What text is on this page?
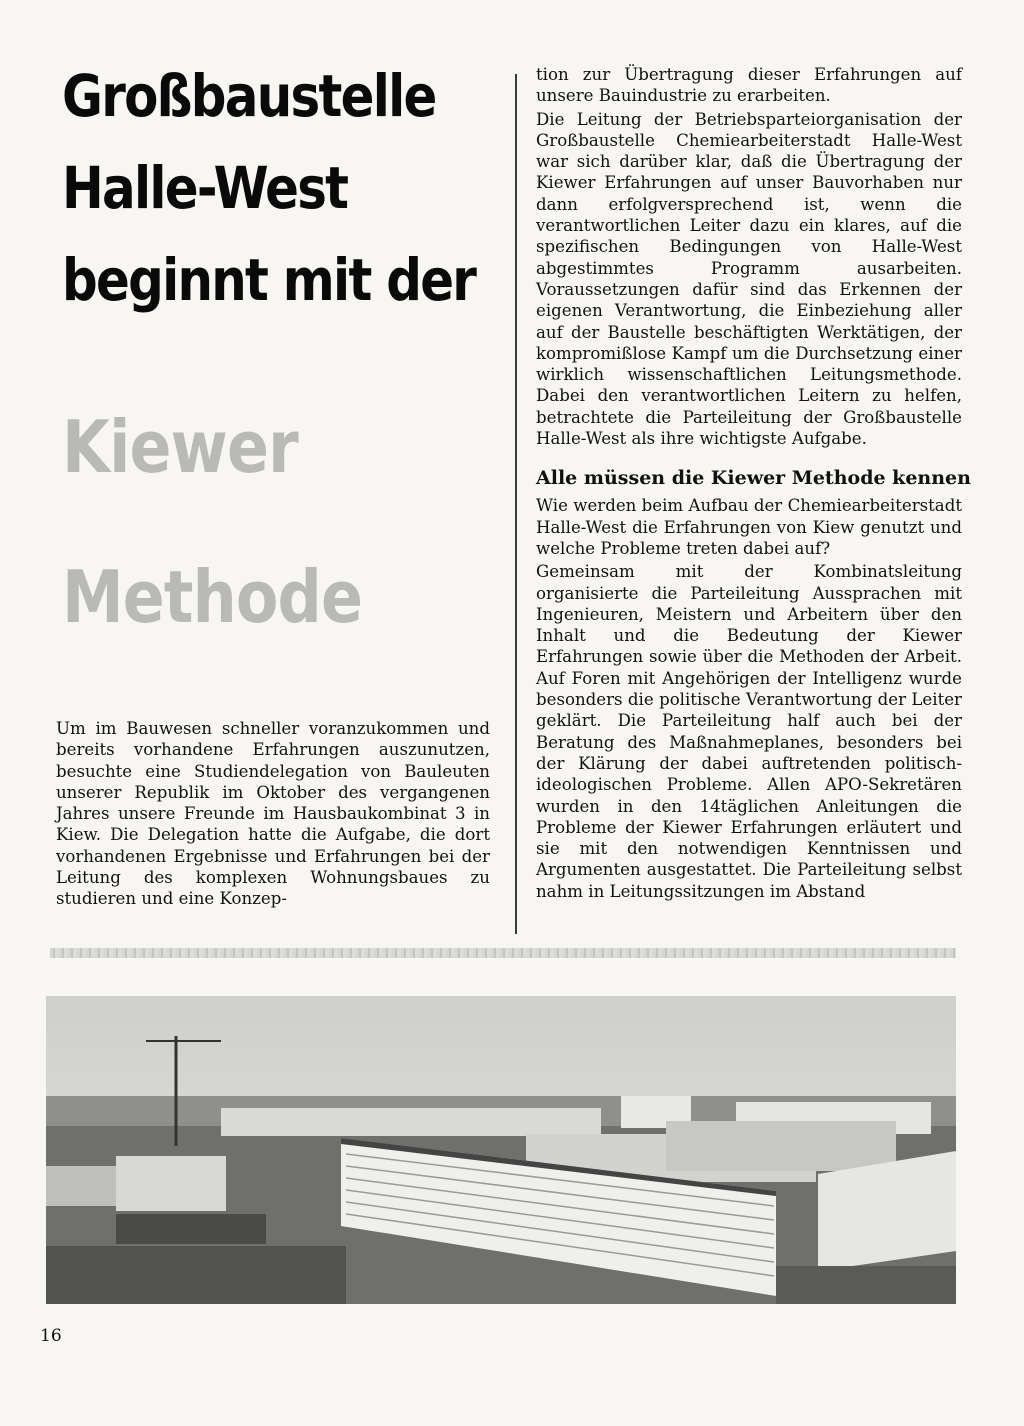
Großbaustelle
Halle-West
beginnt mit der
Kiewer
Methode

Um im Bauwesen schneller voranzukommen und bereits vorhandene Erfahrungen auszunutzen, besuchte eine Studiendelegation von Bauleuten unserer Republik im Oktober des vergangenen Jahres unsere Freunde im Hausbaukombinat 3 in Kiew. Die Delegation hatte die Aufgabe, die dort vorhandenen Ergebnisse und Erfahrungen bei der Leitung des komplexen Wohnungsbaues zu studieren und eine Konzep-

tion zur Übertragung dieser Erfahrungen auf unsere Bauindustrie zu erarbeiten.

Die Leitung der Betriebsparteiorganisation der Großbaustelle Chemiearbeiterstadt Halle-West war sich darüber klar, daß die Übertragung der Kiewer Erfahrungen auf unser Bauvorhaben nur dann erfolgversprechend ist, wenn die verantwortlichen Leiter dazu ein klares, auf die spezifischen Bedingungen von Halle-West abgestimmtes Programm ausarbeiten. Voraussetzungen dafür sind das Erkennen der eigenen Verantwortung, die Einbeziehung aller auf der Baustelle beschäftigten Werktätigen, der kompromißlose Kampf um die Durchsetzung einer wirklich wissenschaftlichen Leitungsmethode. Dabei den verantwortlichen Leitern zu helfen, betrachtete die Parteileitung der Großbaustelle Halle-West als ihre wichtigste Aufgabe.

Alle müssen die Kiewer Methode kennen

Wie werden beim Aufbau der Chemiearbeiterstadt Halle-West die Erfahrungen von Kiew genutzt und welche Probleme treten dabei auf?

Gemeinsam mit der Kombinatsleitung organisierte die Parteileitung Aussprachen mit Ingenieuren, Meistern und Arbeitern über den Inhalt und die Bedeutung der Kiewer Erfahrungen sowie über die Methoden der Arbeit. Auf Foren mit Angehörigen der Intelligenz wurde besonders die politische Verantwortung der Leiter geklärt. Die Parteileitung half auch bei der Beratung des Maßnahmeplanes, besonders bei der Klärung der dabei auftretenden politisch-ideologischen Probleme. Allen APO-Sekretären wurden in den 14täglichen Anleitungen die Probleme der Kiewer Erfahrungen erläutert und sie mit den notwendigen Kenntnissen und Argumenten ausgestattet. Die Parteileitung selbst nahm in Leitungssitzungen im Abstand

16
